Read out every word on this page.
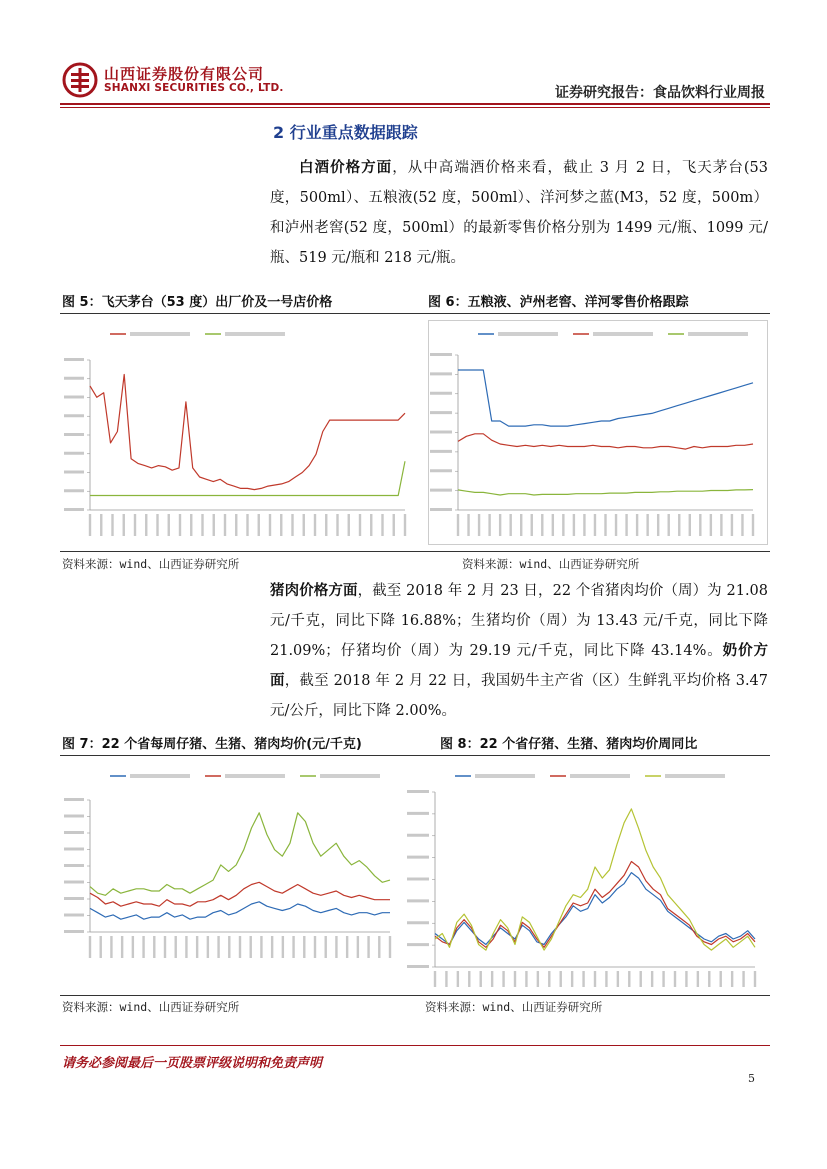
山西证券股份有限公司
SHANXI SECURITIES CO., LTD.	证券研究报告：食品饮料行业周报
2 行业重点数据跟踪
白酒价格方面，从中高端酒价格来看，截止 3 月 2 日，飞天茅台(53 度，500ml）、五粮液(52 度，500ml）、洋河梦之蓝(M3，52 度，500m） 和泸州老窖(52 度，500ml）的最新零售价格分别为 1499 元/瓶、1099 元/瓶、519 元/瓶和 218 元/瓶。
图 5：飞天茅台（53 度）出厂价及一号店价格	图 6：五粮液、泸州老窖、洋河零售价格跟踪
资料来源：wind、山西证券研究所	资料来源：wind、山西证券研究所
猪肉价格方面，截至 2018 年 2 月 23 日，22 个省猪肉均价（周）为 21.08 元/千克，同比下降 16.88%；生猪均价（周）为 13.43 元/千克，同比下降 21.09%；仔猪均价（周）为 29.19 元/千克，同比下降 43.14%。奶价方面，截至 2018 年 2 月 22 日，我国奶牛主产省（区）生鲜乳平均价格 3.47 元/公斤，同比下降 2.00%。
图 7：22 个省每周仔猪、生猪、猪肉均价(元/千克)	图 8：22 个省仔猪、生猪、猪肉均价周同比
资料来源：wind、山西证券研究所	资料来源：wind、山西证券研究所
请务必参阅最后一页股票评级说明和免责声明
5
